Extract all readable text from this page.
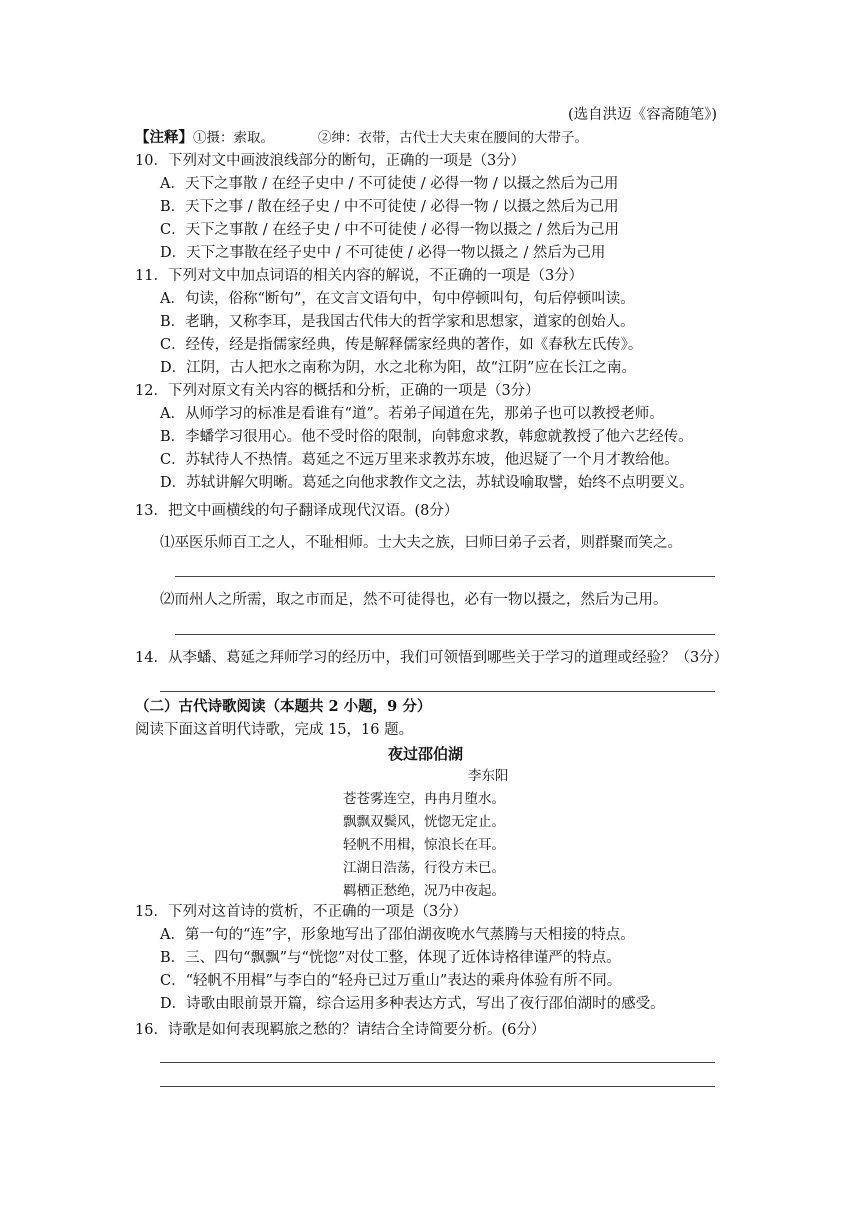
(选自洪迈《容斋随笔》)
【注释】①摄：索取。	②绅：衣带，古代士大夫束在腰间的大带子。
10．下列对文中画波浪线部分的断句，正确的一项是（3分）
A．天下之事散 / 在经子史中 / 不可徒使 / 必得一物 / 以摄之然后为己用
B．天下之事 / 散在经子史 / 中不可徒使 / 必得一物 / 以摄之然后为己用
C．天下之事散 / 在经子史 / 中不可徒使 / 必得一物以摄之 / 然后为己用
D．天下之事散在经子史中 / 不可徒使 / 必得一物以摄之 / 然后为己用
11．下列对文中加点词语的相关内容的解说，不正确的一项是（3分）
A．句读，俗称“断句”，在文言文语句中，句中停顿叫句，句后停顿叫读。
B．老聃，又称李耳，是我国古代伟大的哲学家和思想家，道家的创始人。
C．经传，经是指儒家经典，传是解释儒家经典的著作，如《春秋左氏传》。
D．江阴，古人把水之南称为阴，水之北称为阳，故“江阴”应在长江之南。
12．下列对原文有关内容的概括和分析，正确的一项是（3分）
A．从师学习的标准是看谁有“道”。若弟子闻道在先，那弟子也可以教授老师。
B．李蟠学习很用心。他不受时俗的限制，向韩愈求教，韩愈就教授了他六艺经传。
C．苏轼待人不热情。葛延之不远万里来求教苏东坡，他迟疑了一个月才教给他。
D．苏轼讲解欠明晰。葛延之向他求教作文之法，苏轼设喻取譬，始终不点明要义。
13．把文中画横线的句子翻译成现代汉语。(8分）
⑴巫医乐师百工之人，不耻相师。士大夫之族，曰师曰弟子云者，则群聚而笑之。
⑵而州人之所需，取之市而足，然不可徒得也，必有一物以摄之，然后为己用。
14．从李蟠、葛延之拜师学习的经历中，我们可领悟到哪些关于学习的道理或经验？（3分）
（二）古代诗歌阅读（本题共 2 小题，9 分）
阅读下面这首明代诗歌，完成 15，16 题。
夜过邵伯湖
李东阳
苍苍雾连空，冉冉月堕水。
飘飘双鬓风，恍惚无定止。
轻帆不用楫，惊浪长在耳。
江湖日浩荡，行役方未已。
羁栖正愁绝，况乃中夜起。
15．下列对这首诗的赏析，不正确的一项是（3分）
A．第一句的“连”字，形象地写出了邵伯湖夜晚水气蒸腾与天相接的特点。
B．三、四句“飘飘”与“恍惚”对仗工整，体现了近体诗格律谨严的特点。
C．“轻帆不用楫”与李白的“轻舟已过万重山”表达的乘舟体验有所不同。
D．诗歌由眼前景开篇，综合运用多种表达方式，写出了夜行邵伯湖时的感受。
16．诗歌是如何表现羁旅之愁的？请结合全诗简要分析。(6分）
